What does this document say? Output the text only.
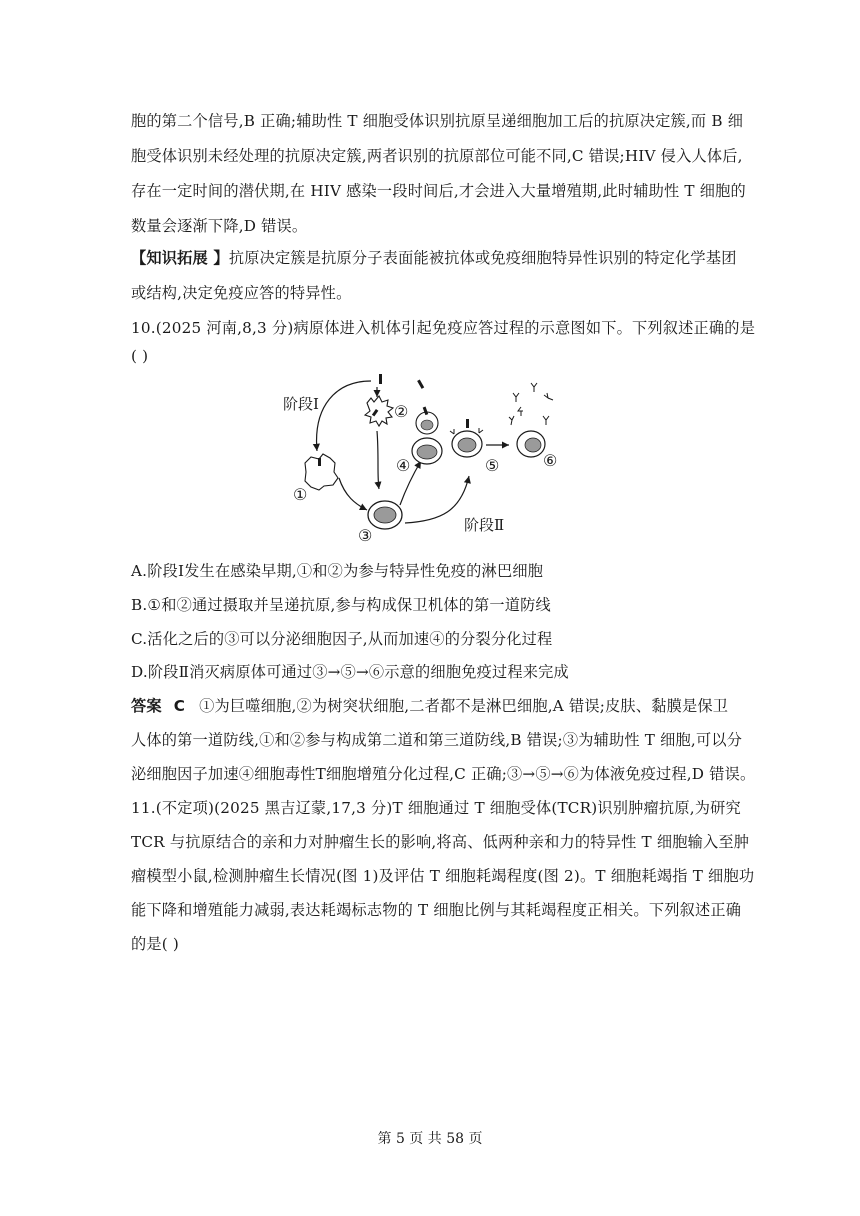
胞的第二个信号,B 正确;辅助性 T 细胞受体识别抗原呈递细胞加工后的抗原决定簇,而 B 细
胞受体识别未经处理的抗原决定簇,两者识别的抗原部位可能不同,C 错误;HIV 侵入人体后,
存在一定时间的潜伏期,在 HIV 感染一段时间后,才会进入大量增殖期,此时辅助性 T 细胞的
数量会逐渐下降,D 错误。
【知识拓展 】抗原决定簇是抗原分子表面能被抗体或免疫细胞特异性识别的特定化学基团
或结构,决定免疫应答的特异性。
10.(2025 河南,8,3 分)病原体进入机体引起免疫应答过程的示意图如下。下列叙述正确的是
( )
阶段Ⅰ	②
①
③
④
阶段Ⅱ
⑤	⑥
A.阶段Ⅰ发生在感染早期,①和②为参与特异性免疫的淋巴细胞
B.①和②通过摄取并呈递抗原,参与构成保卫机体的第一道防线
C.活化之后的③可以分泌细胞因子,从而加速④的分裂分化过程
D.阶段Ⅱ消灭病原体可通过③→⑤→⑥示意的细胞免疫过程来完成
答案 C ①为巨噬细胞,②为树突状细胞,二者都不是淋巴细胞,A 错误;皮肤、黏膜是保卫
人体的第一道防线,①和②参与构成第二道和第三道防线,B 错误;③为辅助性 T 细胞,可以分
泌细胞因子加速④细胞毒性T细胞增殖分化过程,C 正确;③→⑤→⑥为体液免疫过程,D 错误。
11.(不定项)(2025 黑吉辽蒙,17,3 分)T 细胞通过 T 细胞受体(TCR)识别肿瘤抗原,为研究
TCR 与抗原结合的亲和力对肿瘤生长的影响,将高、低两种亲和力的特异性 T 细胞输入至肿
瘤模型小鼠,检测肿瘤生长情况(图 1)及评估 T 细胞耗竭程度(图 2)。T 细胞耗竭指 T 细胞功
能下降和增殖能力减弱,表达耗竭标志物的 T 细胞比例与其耗竭程度正相关。下列叙述正确
的是( )
第 5 页 共 58 页
